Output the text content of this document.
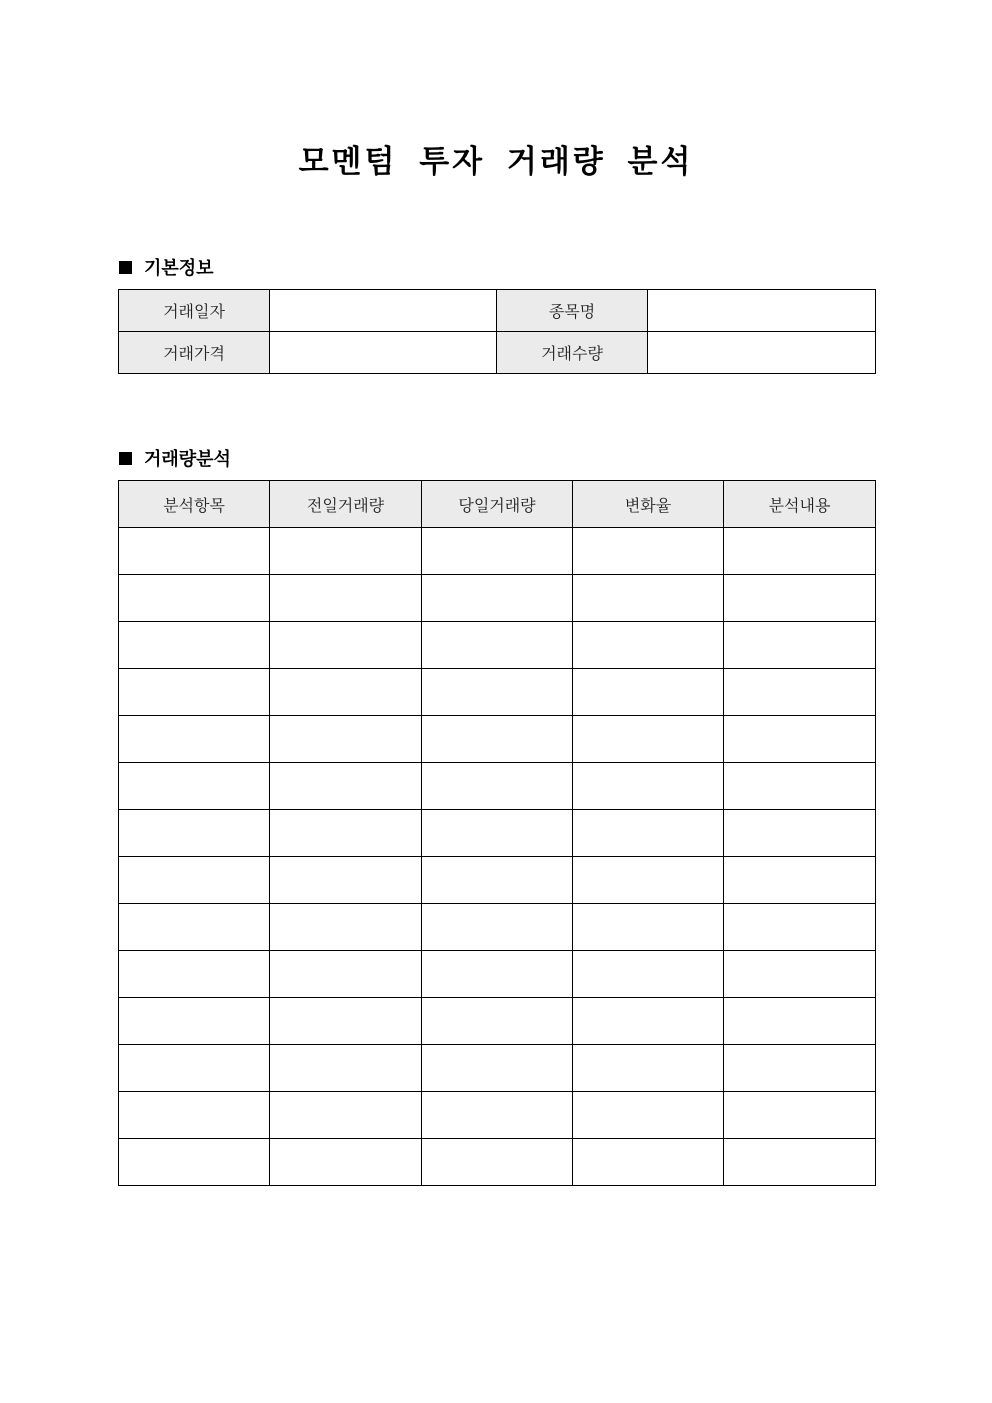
모멘텀 투자 거래량 분석
기본정보
거래일자		종목명	
거래가격		거래수량	
거래량분석
분석항목	전일거래량	당일거래량	변화율	분석내용
